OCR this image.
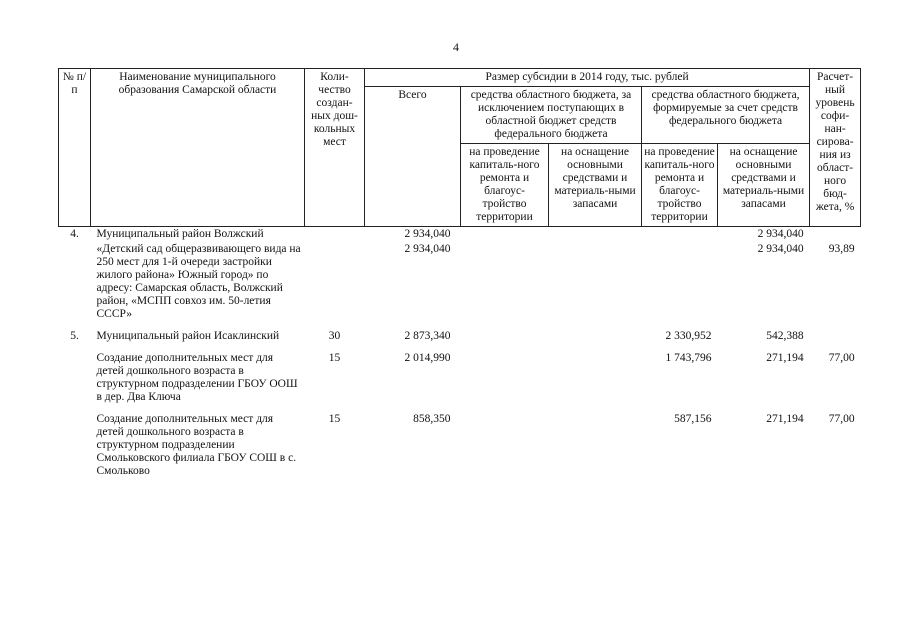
4
№ п/п	Наименование муниципального образования Самарской области	Коли-чество создан-ных дош-кольных мест	Размер субсидии в 2014 году, тыс. рублей					Расчет-ный уровень софи-нан-сирова-ния из област-ного бюд-жета, %
			Всего	средства областного бюджета, за исключением поступающих в областной бюджет средств федерального бюджета		средства областного бюджета, формируемые за счет средств федерального бюджета		
				на проведение капиталь-ного ремонта и благоус-тройство территории	на оснащение основными средствами и материаль-ными запасами	на проведение капиталь-ного ремонта и благоус-тройство территории	на оснащение основными средствами и материаль-ными запасами	
4.	Муниципальный район Волжский		2 934,040				2 934,040	
	«Детский сад общеразвивающего вида на 250 мест для 1-й очереди застройки жилого района» Южный город» по адресу: Самарская область, Волжский район, «МСПП совхоз им. 50-летия СССР»		2 934,040				2 934,040	93,89
5.	Муниципальный район Исаклинский	30	2 873,340			2 330,952	542,388	
	Создание дополнительных мест для детей дошкольного возраста в структурном подразделении ГБОУ ООШ в дер. Два Ключа	15	2 014,990			1 743,796	271,194	77,00
	Создание дополнительных мест для детей дошкольного возраста в структурном подразделении Смольковского филиала ГБОУ СОШ в с. Смольково	15	858,350			587,156	271,194	77,00
